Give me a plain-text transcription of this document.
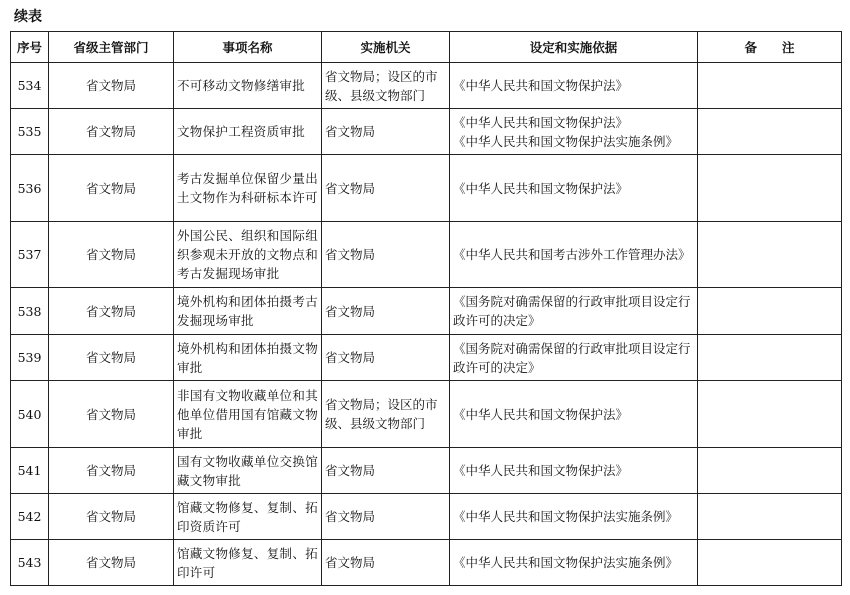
续表
序号	省级主管部门	事项名称	实施机关	设定和实施依据	备　　注
534	省文物局	不可移动文物修缮审批	省文物局；设区的市级、县级文物部门	《中华人民共和国文物保护法》	

535	省文物局	文物保护工程资质审批	省文物局	《中华人民共和国文物保护法》
《中华人民共和国文物保护法实施条例》	

536	省文物局	考古发掘单位保留少量出土文物作为科研标本许可	省文物局	《中华人民共和国文物保护法》	

537	省文物局	外国公民、组织和国际组织参观未开放的文物点和考古发掘现场审批	省文物局	《中华人民共和国考古涉外工作管理办法》	

538	省文物局	境外机构和团体拍摄考古发掘现场审批	省文物局	《国务院对确需保留的行政审批项目设定行政许可的决定》	

539	省文物局	境外机构和团体拍摄文物审批	省文物局	《国务院对确需保留的行政审批项目设定行政许可的决定》	

540	省文物局	非国有文物收藏单位和其他单位借用国有馆藏文物审批	省文物局；设区的市级、县级文物部门	《中华人民共和国文物保护法》	

541	省文物局	国有文物收藏单位交换馆藏文物审批	省文物局	《中华人民共和国文物保护法》	

542	省文物局	馆藏文物修复、复制、拓印资质许可	省文物局	《中华人民共和国文物保护法实施条例》	

543	省文物局	馆藏文物修复、复制、拓印许可	省文物局	《中华人民共和国文物保护法实施条例》	
